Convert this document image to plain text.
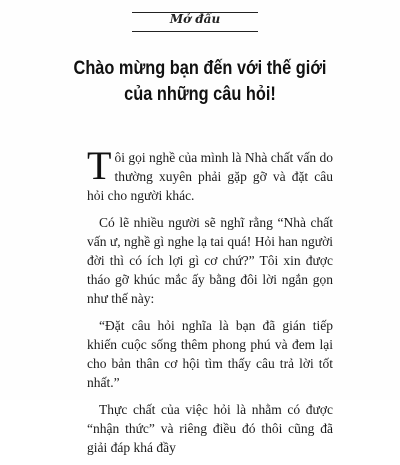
Mở đầu
Chào mừng bạn đến với thế giới
của những câu hỏi!

Tôi gọi nghề của mình là Nhà chất vấn do thường xuyên phải gặp gỡ và đặt câu hỏi cho người khác.

Có lẽ nhiều người sẽ nghĩ rằng “Nhà chất vấn ư, nghề gì nghe lạ tai quá! Hỏi han người đời thì có ích lợi gì cơ chứ?” Tôi xin được tháo gỡ khúc mắc ấy bằng đôi lời ngắn gọn như thế này:

“Đặt câu hỏi nghĩa là bạn đã gián tiếp khiến cuộc sống thêm phong phú và đem lại cho bản thân cơ hội tìm thấy câu trả lời tốt nhất.”

Thực chất của việc hỏi là nhằm có được “nhận thức” và riêng điều đó thôi cũng đã giải đáp khá đầy
